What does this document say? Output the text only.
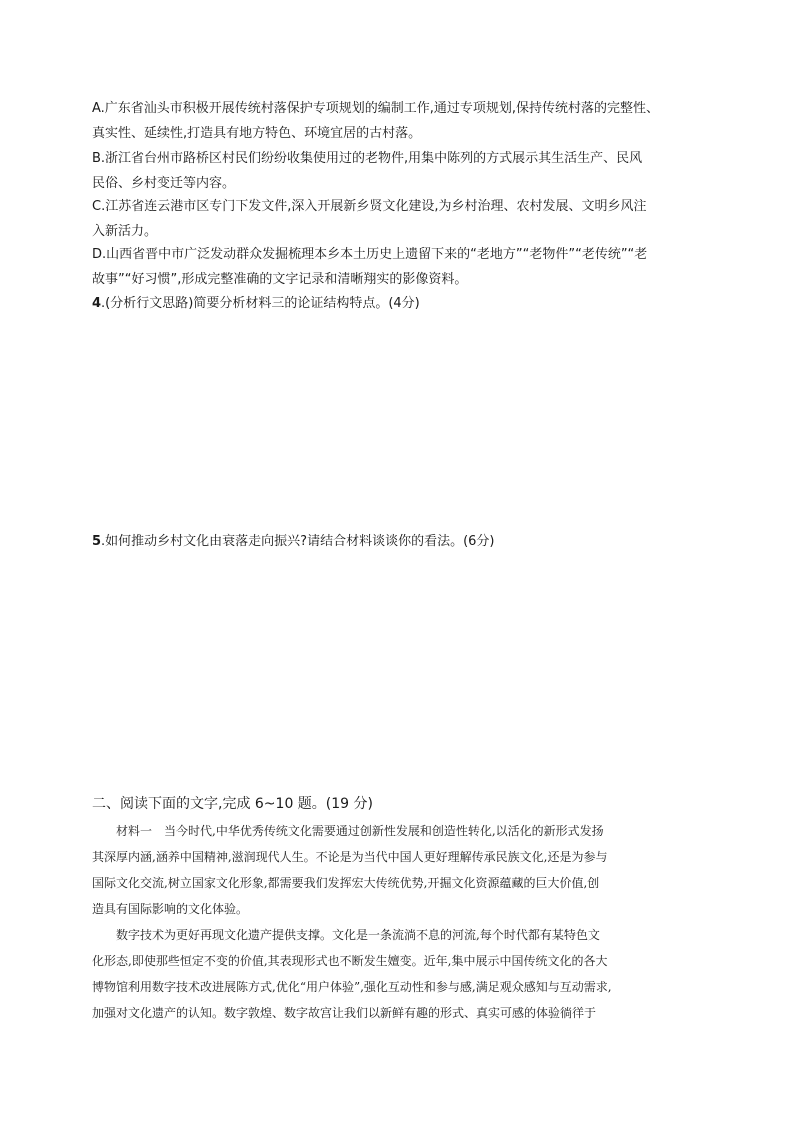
A.广东省汕头市积极开展传统村落保护专项规划的编制工作,通过专项规划,保持传统村落的完整性、
真实性、延续性,打造具有地方特色、环境宜居的古村落。
B.浙江省台州市路桥区村民们纷纷收集使用过的老物件,用集中陈列的方式展示其生活生产、民风
民俗、乡村变迁等内容。
C.江苏省连云港市区专门下发文件,深入开展新乡贤文化建设,为乡村治理、农村发展、文明乡风注
入新活力。
D.山西省晋中市广泛发动群众发掘梳理本乡本土历史上遗留下来的“老地方”“老物件”“老传统”“老
故事”“好习惯”,形成完整准确的文字记录和清晰翔实的影像资料。
4.(分析行文思路)简要分析材料三的论证结构特点。(4分)
5.如何推动乡村文化由衰落走向振兴?请结合材料谈谈你的看法。(6分)
二、阅读下面的文字,完成 6~10 题。(19 分)
材料一　当今时代,中华优秀传统文化需要通过创新性发展和创造性转化,以活化的新形式发扬
其深厚内涵,涵养中国精神,滋润现代人生。不论是为当代中国人更好理解传承民族文化,还是为参与
国际文化交流,树立国家文化形象,都需要我们发挥宏大传统优势,开掘文化资源蕴藏的巨大价值,创
造具有国际影响的文化体验。
数字技术为更好再现文化遗产提供支撑。文化是一条流淌不息的河流,每个时代都有某特色文
化形态,即使那些恒定不变的价值,其表现形式也不断发生嬗变。近年,集中展示中国传统文化的各大
博物馆利用数字技术改进展陈方式,优化“用户体验”,强化互动性和参与感,满足观众感知与互动需求,
加强对文化遗产的认知。数字敦煌、数字故宫让我们以新鲜有趣的形式、真实可感的体验徜徉于
